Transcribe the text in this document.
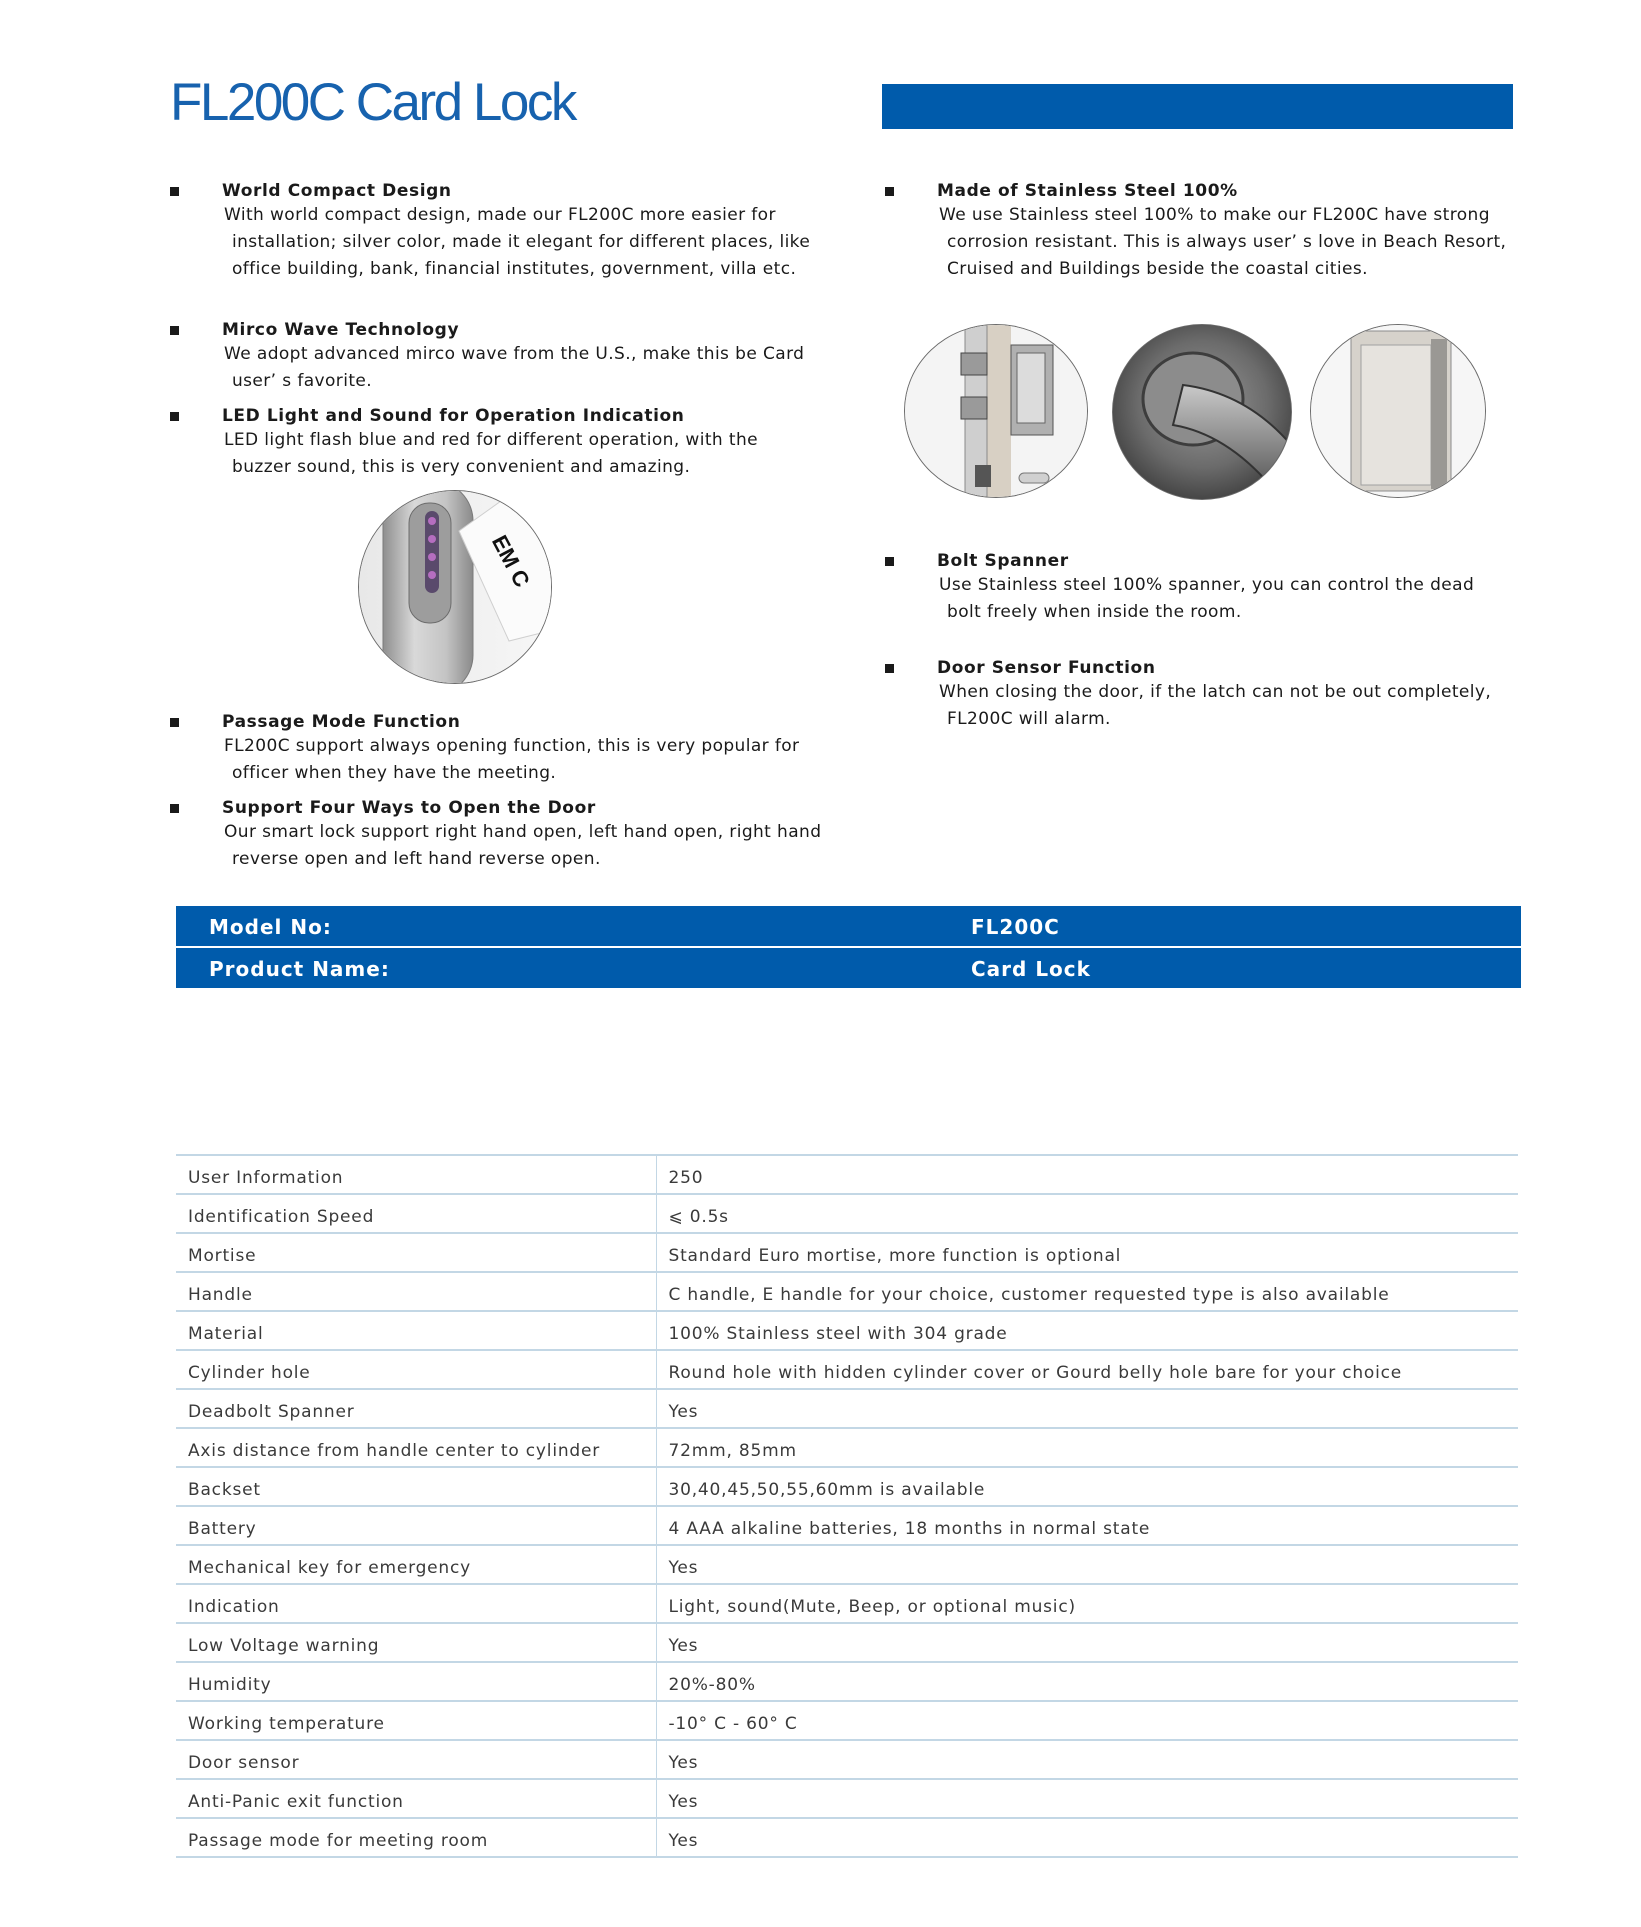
FL200C Card Lock
World Compact Design
With world compact design, made our FL200C more easier for installation; silver color, made it elegant for different places, like office building, bank, financial institutes, government, villa etc.
Mirco Wave Technology
We adopt advanced mirco wave from the U.S., make this be Card user’ s favorite.
LED Light and Sound for Operation Indication
LED light flash blue and red for different operation, with the buzzer sound, this is very convenient and amazing.
EM C
Passage Mode Function
FL200C support always opening function, this is very popular for officer when they have the meeting.
Support Four Ways to Open the Door
Our smart lock support right hand open, left hand open, right hand reverse open and left hand reverse open.
Made of Stainless Steel 100%
We use Stainless steel 100% to make our FL200C have strong corrosion resistant. This is always user’ s love in Beach Resort, Cruised and Buildings beside the coastal cities.
Bolt Spanner
Use Stainless steel 100% spanner, you can control the dead bolt freely when inside the room.
Door Sensor Function
When closing the door, if the latch can not be out completely, FL200C will alarm.
Model No:	FL200C
Product Name:	Card Lock
User Information	250
Identification Speed	⩽ 0.5s
Mortise	Standard Euro mortise, more function is optional
Handle	C handle, E handle for your choice, customer requested type is also available
Material	100% Stainless steel with 304 grade
Cylinder hole	Round hole with hidden cylinder cover or Gourd belly hole bare for your choice
Deadbolt Spanner	Yes
Axis distance from handle center to cylinder	72mm, 85mm
Backset	30,40,45,50,55,60mm is available
Battery	4 AAA alkaline batteries, 18 months in normal state
Mechanical key for emergency	Yes
Indication	Light, sound(Mute, Beep, or optional music)
Low Voltage warning	Yes
Humidity	20%-80%
Working temperature	-10° C - 60° C
Door sensor	Yes
Anti-Panic exit function	Yes
Passage mode for meeting room	Yes
